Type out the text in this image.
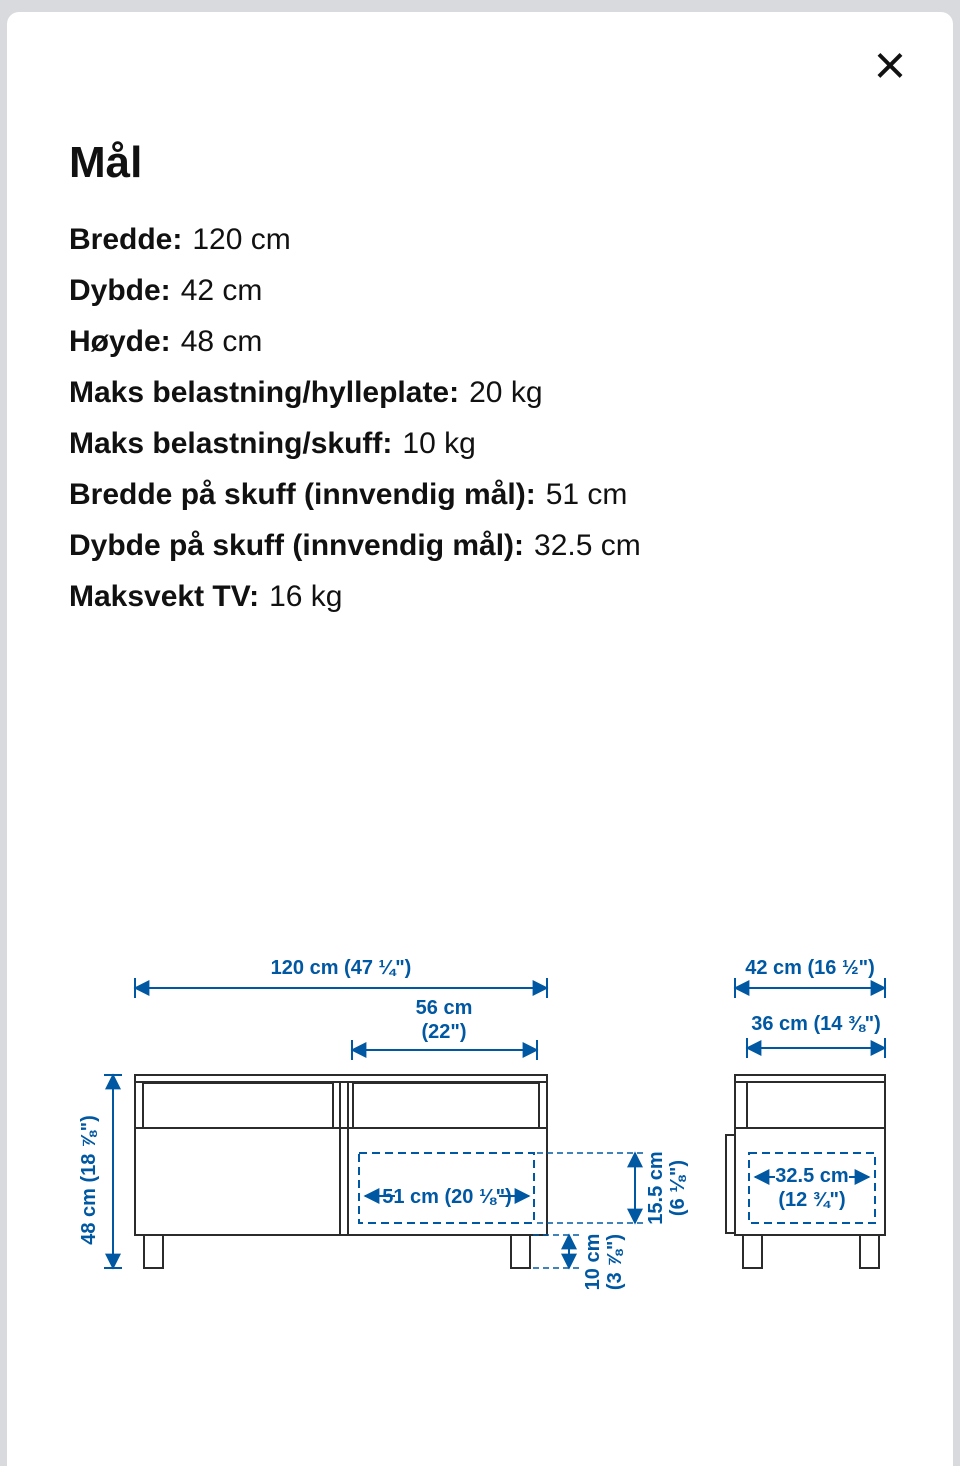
×
Mål

Bredde: 120 cm

Dybde: 42 cm

Høyde: 48 cm

Maks belastning/hylleplate: 20 kg

Maks belastning/skuff: 10 kg

Bredde på skuff (innvendig mål): 51 cm

Dybde på skuff (innvendig mål): 32.5 cm

Maksvekt TV: 16 kg

120 cm (47 ¼")
56 cm
(22")
48 cm (18 ⅞")	51 cm (20 ⅛")
10 cm (3 ⅞")
15.5 cm (6 ⅛")
42 cm (16 ½")
36 cm (14 ⅜")
32.5 cm
(12 ¾")
